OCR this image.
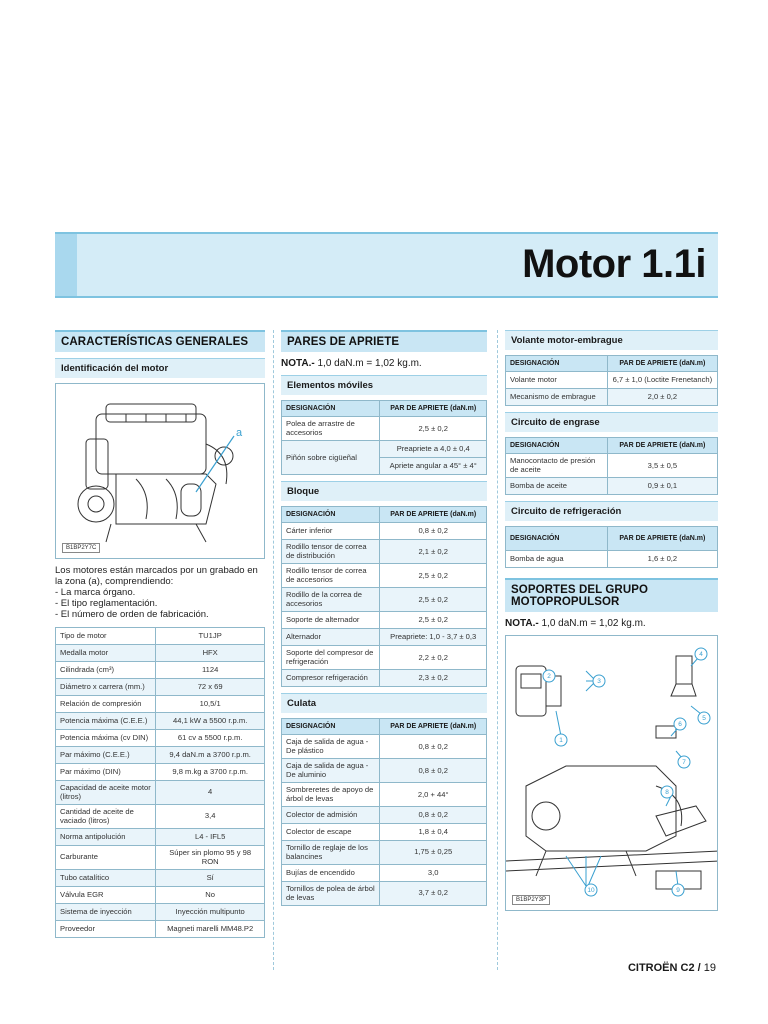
Motor 1.1i
CARACTERÍSTICAS GENERALES
Identificación del motor
a
B1BP2Y7C
Los motores están marcados por un grabado en la zona (a), comprendiendo:
- La marca órgano.
- El tipo reglamentación.
- El número de orden de fabricación.
Tipo de motor	TU1JP
Medalla motor	HFX
Cilindrada (cm³)	1124
Diámetro x carrera (mm.)	72 x 69
Relación de compresión	10,5/1
Potencia máxima (C.E.E.)	44,1 kW a 5500 r.p.m.
Potencia máxima (cv DIN)	61 cv a 5500 r.p.m.
Par máximo (C.E.E.)	9,4 daN.m a 3700 r.p.m.
Par máximo (DIN)	9,8 m.kg a 3700 r.p.m.
Capacidad de aceite motor (litros)	4
Cantidad de aceite de vaciado (litros)	3,4
Norma antipolución	L4 - IFL5
Carburante	Súper sin plomo 95 y 98 RON
Tubo catalítico	Sí
Válvula EGR	No
Sistema de inyección	Inyección multipunto
Proveedor	Magneti marelli MM48.P2
PARES DE APRIETE
NOTA.- 1,0 daN.m = 1,02 kg.m.
Elementos móviles
DESIGNACIÓN	PAR DE APRIETE (daN.m)
Polea de arrastre de accesorios	2,5 ± 0,2
Piñón sobre cigüeñal	Preapriete a 4,0 ± 0,4
	Apriete angular a 45° ± 4°
Bloque
DESIGNACIÓN	PAR DE APRIETE (daN.m)
Cárter inferior	0,8 ± 0,2
Rodillo tensor de correa de distribución	2,1 ± 0,2
Rodillo tensor de correa de accesorios	2,5 ± 0,2
Rodillo de la correa de accesorios	2,5 ± 0,2
Soporte de alternador	2,5 ± 0,2
Alternador	Preapriete: 1,0 - 3,7 ± 0,3
Soporte del compresor de refrigeración	2,2 ± 0,2
Compresor refrigeración	2,3 ± 0,2
Culata
DESIGNACIÓN	PAR DE APRIETE (daN.m)
Caja de salida de agua - De plástico	0,8 ± 0,2
Caja de salida de agua - De aluminio	0,8 ± 0,2
Sombreretes de apoyo de árbol de levas	2,0 + 44°
Colector de admisión	0,8 ± 0,2
Colector de escape	1,8 ± 0,4
Tornillo de reglaje de los balancines	1,75 ± 0,25
Bujías de encendido	3,0
Tornillos de polea de árbol de levas	3,7 ± 0,2
Volante motor-embrague
DESIGNACIÓN	PAR DE APRIETE (daN.m)
Volante motor	6,7 ± 1,0 (Loctite Frenetanch)
Mecanismo de embrague	2,0 ± 0,2
Circuito de engrase
DESIGNACIÓN	PAR DE APRIETE (daN.m)
Manocontacto de presión de aceite	3,5 ± 0,5
Bomba de aceite	0,9 ± 0,1
Circuito de refrigeración
DESIGNACIÓN	PAR DE APRIETE (daN.m)
Bomba de agua	1,6 ± 0,2
SOPORTES DEL GRUPO MOTOPROPULSOR
NOTA.- 1,0 daN.m = 1,02 kg.m.
1
2
3
4
5
6
7
8
9
10
B1BP2Y3P
CITROËN C2 / 19
